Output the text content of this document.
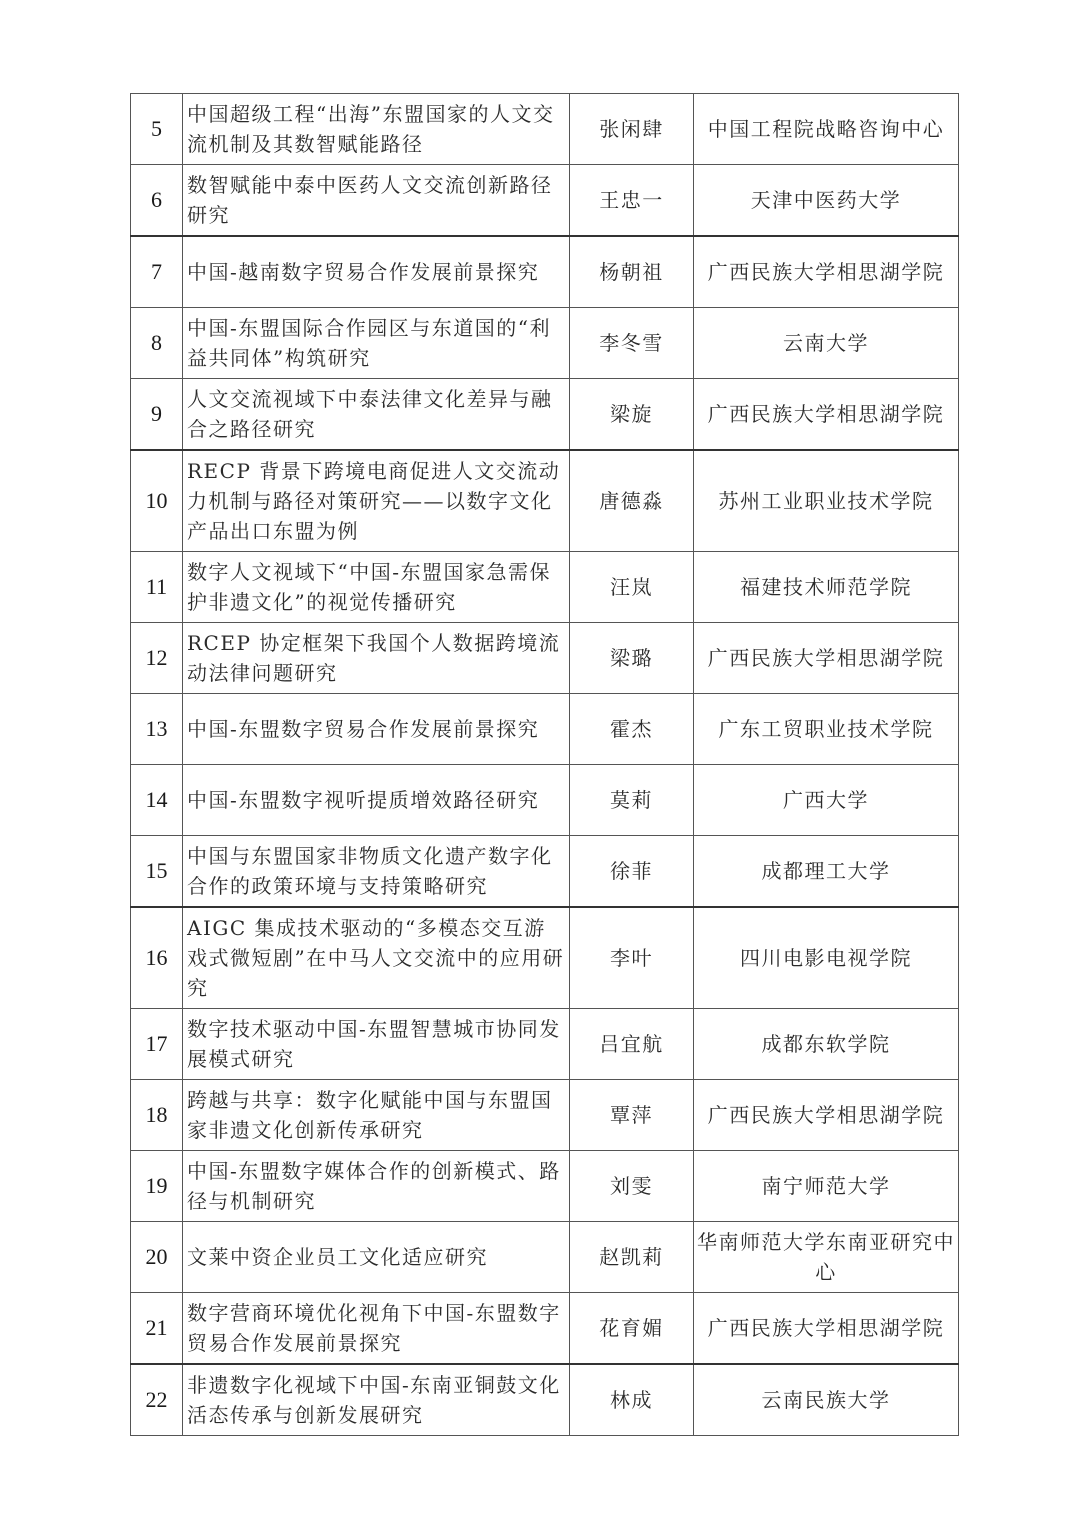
5	中国超级工程“出海”东盟国家的人文交流机制及其数智赋能路径	张闲肆	中国工程院战略咨询中心
6	数智赋能中泰中医药人文交流创新路径研究	王忠一	天津中医药大学
7	中国-越南数字贸易合作发展前景探究	杨朝祖	广西民族大学相思湖学院
8	中国-东盟国际合作园区与东道国的“利益共同体”构筑研究	李冬雪	云南大学
9	人文交流视域下中泰法律文化差异与融合之路径研究	梁旋	广西民族大学相思湖学院
10	RECP 背景下跨境电商促进人文交流动力机制与路径对策研究——以数字文化产品出口东盟为例	唐德淼	苏州工业职业技术学院
11	数字人文视域下“中国-东盟国家急需保护非遗文化”的视觉传播研究	汪岚	福建技术师范学院
12	RCEP 协定框架下我国个人数据跨境流动法律问题研究	梁璐	广西民族大学相思湖学院
13	中国-东盟数字贸易合作发展前景探究	霍杰	广东工贸职业技术学院
14	中国-东盟数字视听提质增效路径研究	莫莉	广西大学
15	中国与东盟国家非物质文化遗产数字化合作的政策环境与支持策略研究	徐菲	成都理工大学
16	AIGC 集成技术驱动的“多模态交互游戏式微短剧”在中马人文交流中的应用研究	李叶	四川电影电视学院
17	数字技术驱动中国-东盟智慧城市协同发展模式研究	吕宜航	成都东软学院
18	跨越与共享：数字化赋能中国与东盟国家非遗文化创新传承研究	覃萍	广西民族大学相思湖学院
19	中国-东盟数字媒体合作的创新模式、路径与机制研究	刘雯	南宁师范大学
20	文莱中资企业员工文化适应研究	赵凯莉	华南师范大学东南亚研究中心
21	数字营商环境优化视角下中国-东盟数字贸易合作发展前景探究	花育媚	广西民族大学相思湖学院
22	非遗数字化视域下中国-东南亚铜鼓文化活态传承与创新发展研究	林成	云南民族大学
